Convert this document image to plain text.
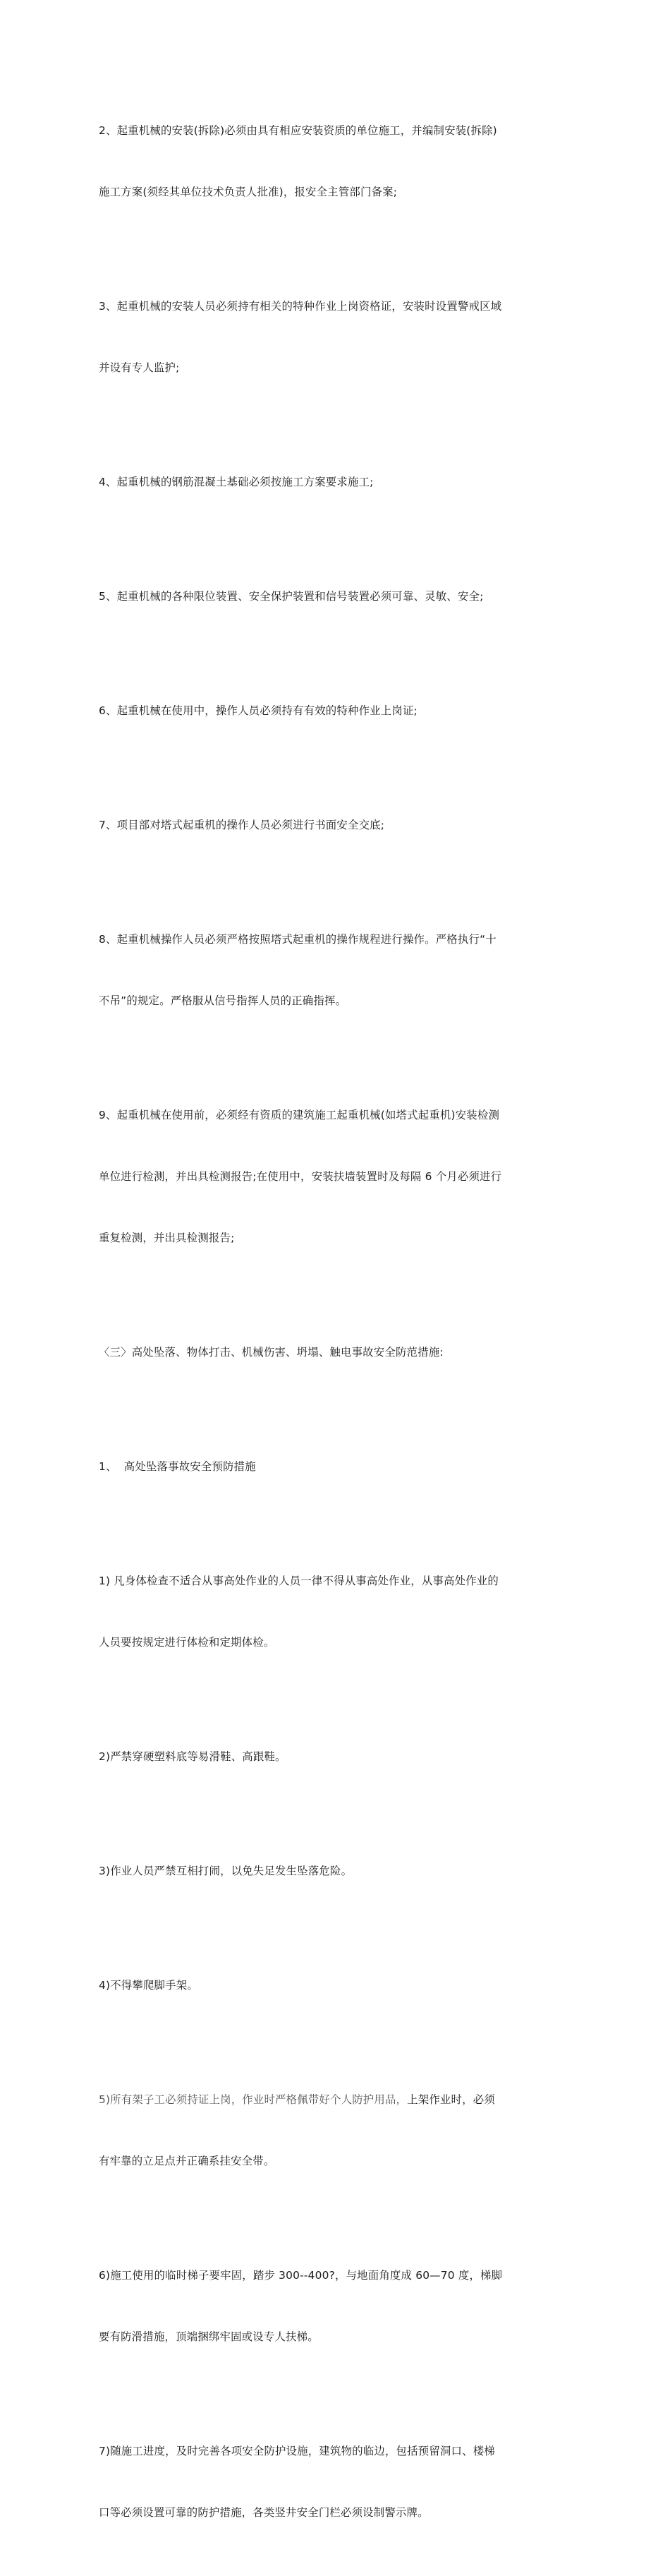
2、起重机械的安装(拆除)必须由具有相应安装资质的单位施工，并编制安装(拆除)

施工方案(须经其单位技术负责人批准)，报安全主管部门备案;

3、起重机械的安装人员必须持有相关的特种作业上岗资格证，安装时设置警戒区域

并设有专人监护;

4、起重机械的钢筋混凝土基础必须按施工方案要求施工;

5、起重机械的各种限位装置、安全保护装置和信号装置必须可靠、灵敏、安全;

6、起重机械在使用中，操作人员必须持有有效的特种作业上岗证;

7、项目部对塔式起重机的操作人员必须进行书面安全交底;

8、起重机械操作人员必须严格按照塔式起重机的操作规程进行操作。严格执行“十

不吊”的规定。严格服从信号指挥人员的正确指挥。

9、起重机械在使用前，必须经有资质的建筑施工起重机械(如塔式起重机)安装检测

单位进行检测，并出具检测报告;在使用中，安装扶墙装置时及每隔 6 个月必须进行

重复检测，并出具检测报告;

〈三〉高处坠落、物体打击、机械伤害、坍塌、触电事故安全防范措施:

1、  高处坠落事故安全预防措施

1) 凡身体检查不适合从事高处作业的人员一律不得从事高处作业，从事高处作业的

人员要按规定进行体检和定期体检。

2)严禁穿硬塑料底等易滑鞋、高跟鞋。

3)作业人员严禁互相打闹，以免失足发生坠落危险。

4)不得攀爬脚手架。

5)所有架子工必须持证上岗，作业时严格佩带好个人防护用品，上架作业时，必须

有牢靠的立足点并正确系挂安全带。

6)施工使用的临时梯子要牢固，踏步 300--400?，与地面角度成 60—70 度，梯脚

要有防滑措施，顶端捆绑牢固或设专人扶梯。

7)随施工进度，及时完善各项安全防护设施，建筑物的临边，包括预留洞口、楼梯

口等必须设置可靠的防护措施，各类竖井安全门栏必须设制警示牌。
